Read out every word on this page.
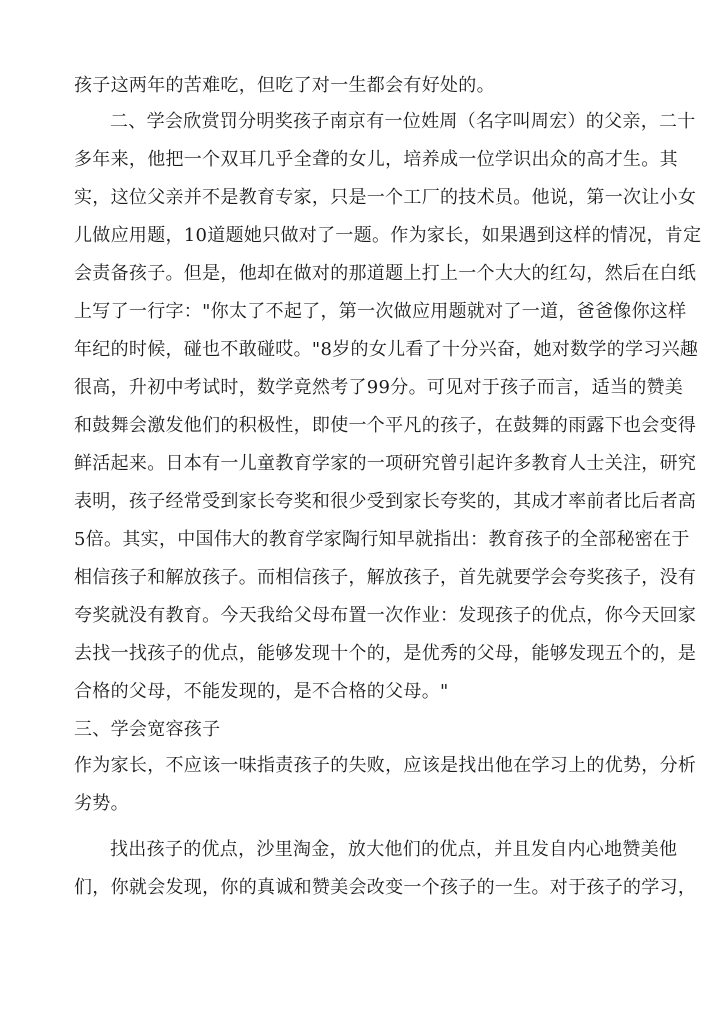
孩子这两年的苦难吃，但吃了对一生都会有好处的。
二、学会欣赏罚分明奖孩子南京有一位姓周（名字叫周宏）的父亲，二十
多年来，他把一个双耳几乎全聋的女儿，培养成一位学识出众的高才生。其
实，这位父亲并不是教育专家，只是一个工厂的技术员。他说，第一次让小女
儿做应用题，10道题她只做对了一题。作为家长，如果遇到这样的情况，肯定
会责备孩子。但是，他却在做对的那道题上打上一个大大的红勾，然后在白纸
上写了一行字："你太了不起了，第一次做应用题就对了一道，爸爸像你这样
年纪的时候，碰也不敢碰哎。"8岁的女儿看了十分兴奋，她对数学的学习兴趣
很高，升初中考试时，数学竟然考了99分。可见对于孩子而言，适当的赞美
和鼓舞会激发他们的积极性，即使一个平凡的孩子，在鼓舞的雨露下也会变得
鲜活起来。日本有一儿童教育学家的一项研究曾引起许多教育人士关注，研究
表明，孩子经常受到家长夸奖和很少受到家长夸奖的，其成才率前者比后者高
5倍。其实，中国伟大的教育学家陶行知早就指出：教育孩子的全部秘密在于
相信孩子和解放孩子。而相信孩子，解放孩子，首先就要学会夸奖孩子，没有
夸奖就没有教育。今天我给父母布置一次作业：发现孩子的优点，你今天回家
去找一找孩子的优点，能够发现十个的，是优秀的父母，能够发现五个的，是
合格的父母，不能发现的，是不合格的父母。"
三、学会宽容孩子
作为家长，不应该一味指责孩子的失败，应该是找出他在学习上的优势，分析
劣势。
找出孩子的优点，沙里淘金，放大他们的优点，并且发自内心地赞美他
们，你就会发现，你的真诚和赞美会改变一个孩子的一生。对于孩子的学习，
